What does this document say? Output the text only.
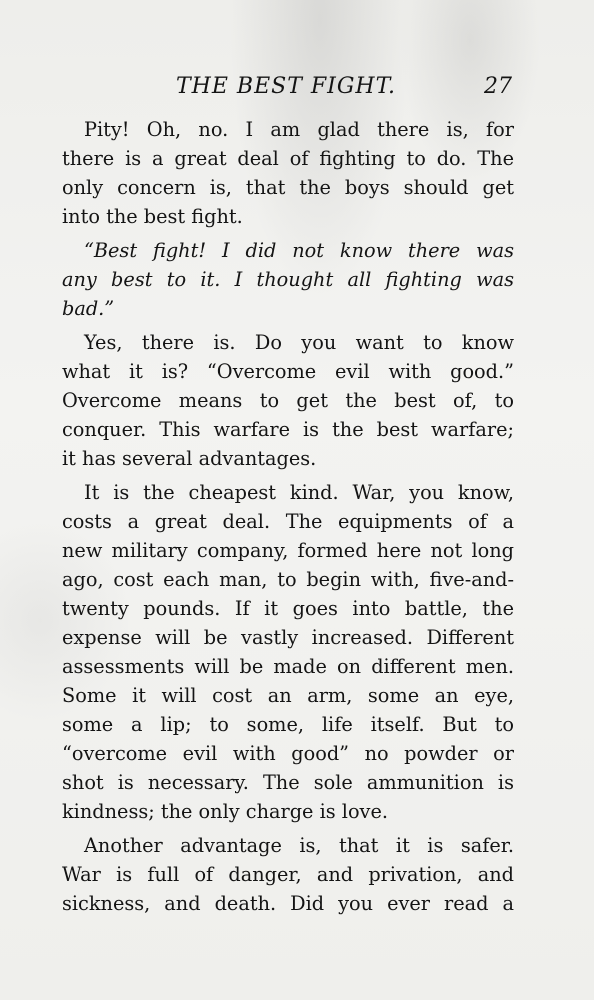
THE BEST FIGHT.	27
Pity! Oh, no. I am glad there is, for
there is a great deal of fighting to do. The
only concern is, that the boys should get
into the best fight.
“Best fight! I did not know there was
any best to it. I thought all fighting was
bad.”
Yes, there is. Do you want to know
what it is? “Overcome evil with good.”
Overcome means to get the best of, to
conquer. This warfare is the best warfare;
it has several advantages.
It is the cheapest kind. War, you know,
costs a great deal. The equipments of a
new military company, formed here not long
ago, cost each man, to begin with, five-and-
twenty pounds. If it goes into battle, the
expense will be vastly increased. Different
assessments will be made on different men.
Some it will cost an arm, some an eye,
some a lip; to some, life itself. But to
“overcome evil with good” no powder or
shot is necessary. The sole ammunition is
kindness; the only charge is love.
Another advantage is, that it is safer.
War is full of danger, and privation, and
sickness, and death. Did you ever read a
